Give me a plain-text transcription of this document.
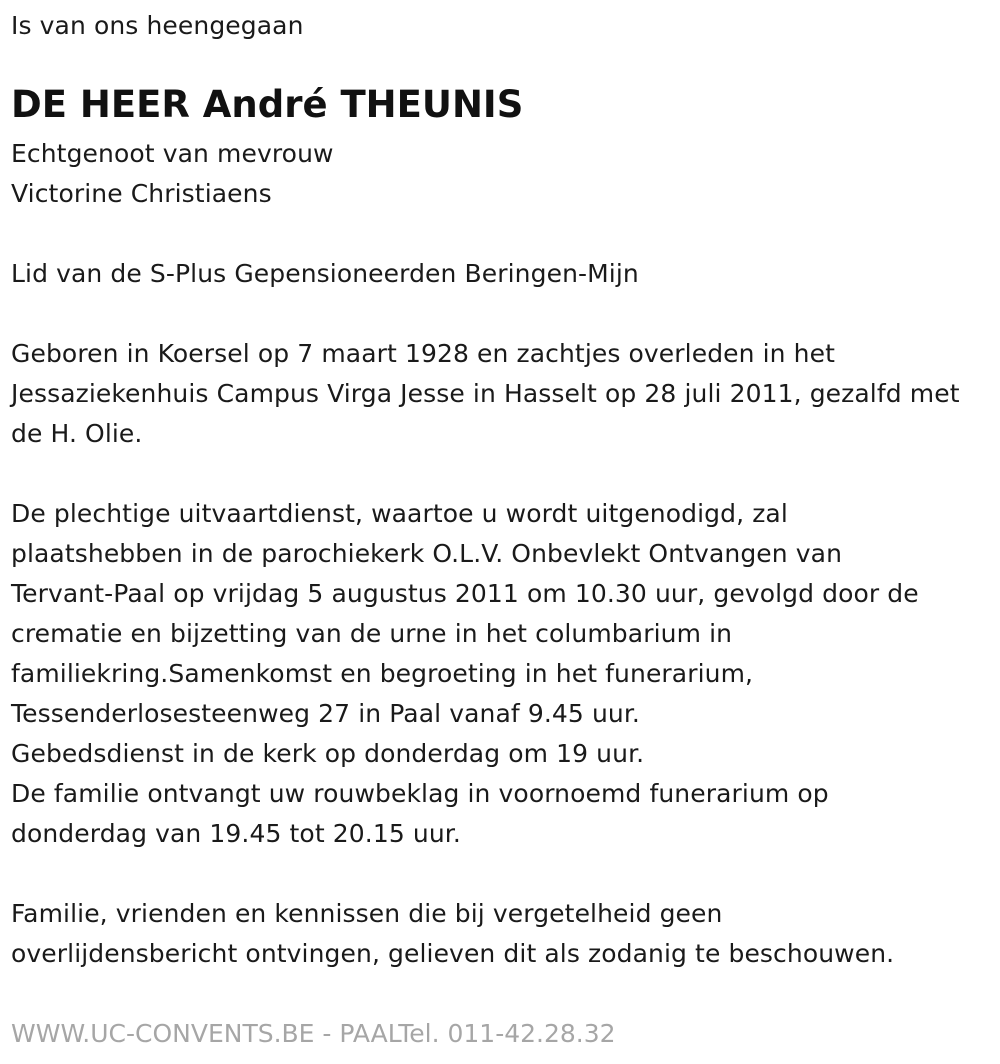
Is van ons heengegaan
DE HEER André THEUNIS
Echtgenoot van mevrouw
Victorine Christiaens
Lid van de S-Plus Gepensioneerden Beringen-Mijn
Geboren in Koersel op 7 maart 1928 en zachtjes overleden in het
Jessaziekenhuis Campus Virga Jesse in Hasselt op 28 juli 2011, gezalfd met
de H. Olie.
De plechtige uitvaartdienst, waartoe u wordt uitgenodigd, zal
plaatshebben in de parochiekerk O.L.V. Onbevlekt Ontvangen van
Tervant-Paal op vrijdag 5 augustus 2011 om 10.30 uur, gevolgd door de
crematie en bijzetting van de urne in het columbarium in
familiekring.Samenkomst en begroeting in het funerarium,
Tessenderlosesteenweg 27 in Paal vanaf 9.45 uur.
Gebedsdienst in de kerk op donderdag om 19 uur.
De familie ontvangt uw rouwbeklag in voornoemd funerarium op
donderdag van 19.45 tot 20.15 uur.
Familie, vrienden en kennissen die bij vergetelheid geen
overlijdensbericht ontvingen, gelieven dit als zodanig te beschouwen.
WWW.UC-CONVENTS.BE - PAALTel. 011-42.28.32
